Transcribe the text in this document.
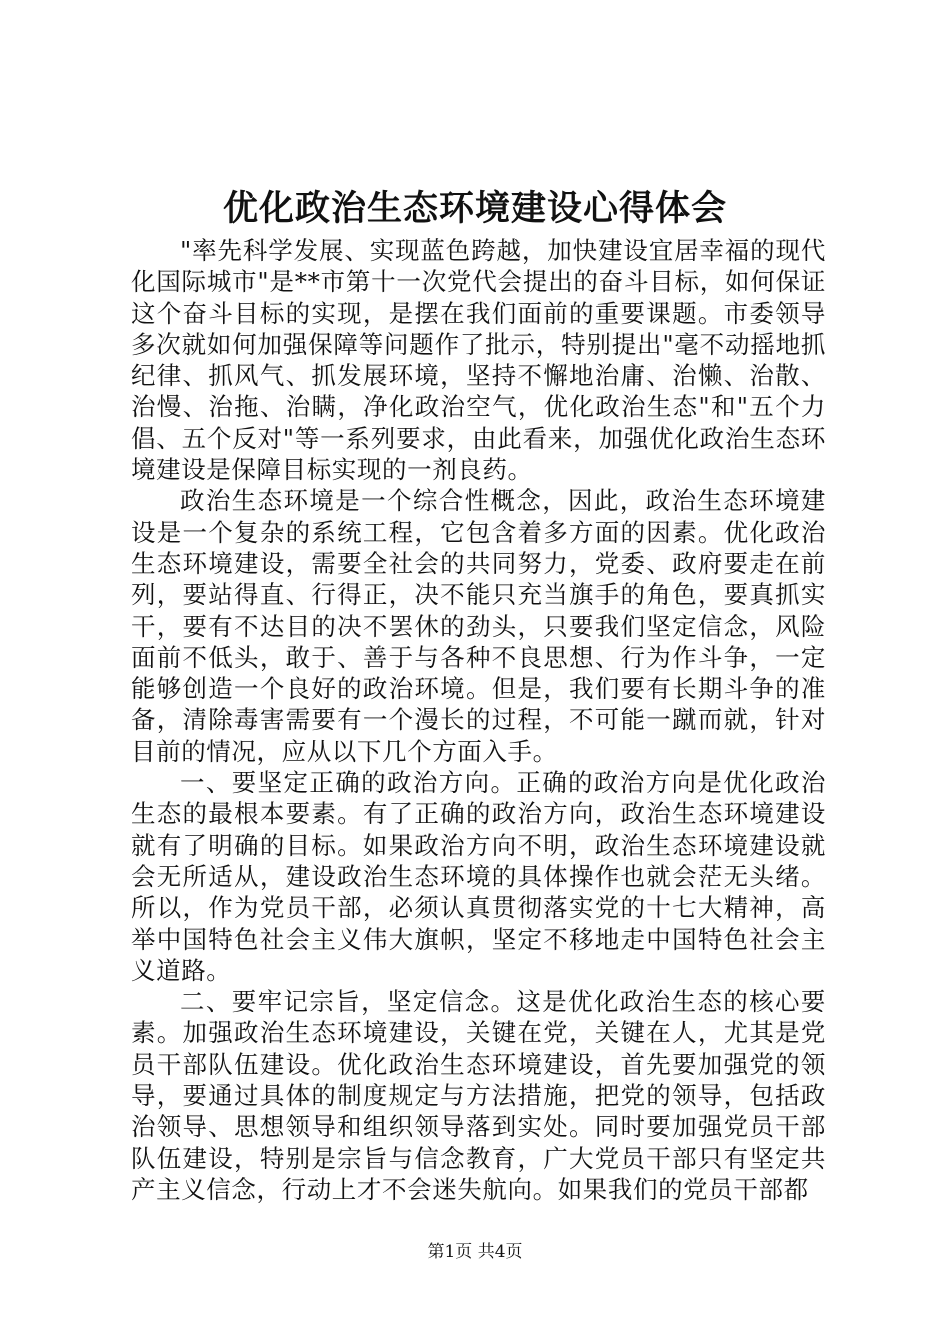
优化政治生态环境建设心得体会

"率先科学发展、实现蓝色跨越，加快建设宜居幸福的现代化国际城市"是**市第十一次党代会提出的奋斗目标，如何保证这个奋斗目标的实现，是摆在我们面前的重要课题。市委领导多次就如何加强保障等问题作了批示，特别提出"毫不动摇地抓纪律、抓风气、抓发展环境，坚持不懈地治庸、治懒、治散、治慢、治拖、治瞒，净化政治空气，优化政治生态"和"五个力倡、五个反对"等一系列要求，由此看来，加强优化政治生态环境建设是保障目标实现的一剂良药。

政治生态环境是一个综合性概念，因此，政治生态环境建设是一个复杂的系统工程，它包含着多方面的因素。优化政治生态环境建设，需要全社会的共同努力，党委、政府要走在前列，要站得直、行得正，决不能只充当旗手的角色，要真抓实干，要有不达目的决不罢休的劲头，只要我们坚定信念，风险面前不低头，敢于、善于与各种不良思想、行为作斗争，一定能够创造一个良好的政治环境。但是，我们要有长期斗争的准备，清除毒害需要有一个漫长的过程，不可能一蹴而就，针对目前的情况，应从以下几个方面入手。

一、要坚定正确的政治方向。正确的政治方向是优化政治生态的最根本要素。有了正确的政治方向，政治生态环境建设就有了明确的目标。如果政治方向不明，政治生态环境建设就会无所适从，建设政治生态环境的具体操作也就会茫无头绪。所以，作为党员干部，必须认真贯彻落实党的十七大精神，高举中国特色社会主义伟大旗帜，坚定不移地走中国特色社会主义道路。

二、要牢记宗旨，坚定信念。这是优化政治生态的核心要素。加强政治生态环境建设，关键在党，关键在人，尤其是党员干部队伍建设。优化政治生态环境建设，首先要加强党的领导，要通过具体的制度规定与方法措施，把党的领导，包括政治领导、思想领导和组织领导落到实处。同时要加强党员干部队伍建设，特别是宗旨与信念教育，广大党员干部只有坚定共产主义信念，行动上才不会迷失航向。如果我们的党员干部都

第1页 共4页
